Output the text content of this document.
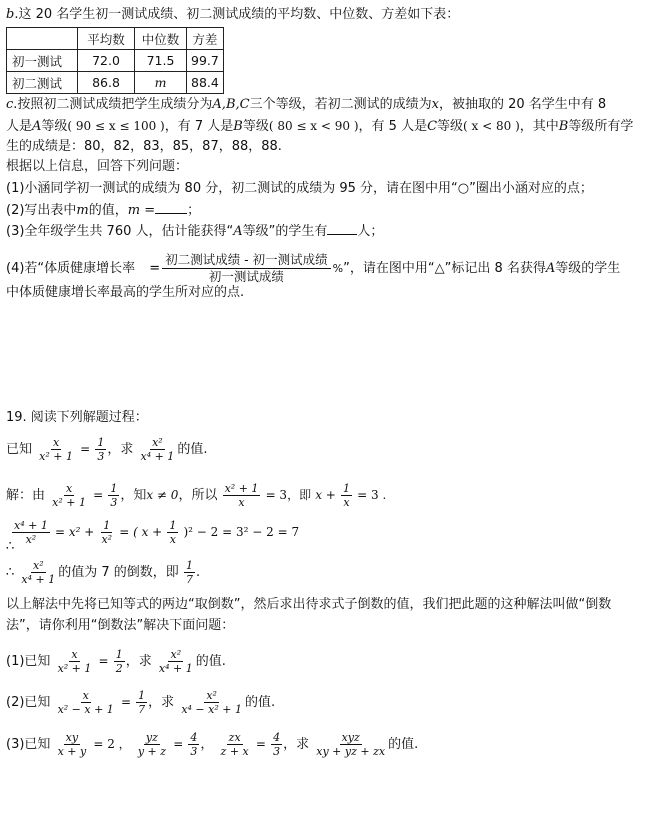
b.这 20 名学生初一测试成绩、初二测试成绩的平均数、中位数、方差如下表：
	平均数	中位数	方差
初一测试	72.0	71.5	99.7
初二测试	86.8	m	88.4
c.按照初二测试成绩把学生成绩分为A,B,C三个等级，若初二测试的成绩为x，被抽取的 20 名学生中有 8
人是A等级( 90 ≤ x ≤ 100 )，有 7 人是B等级( 80 ≤ x < 90 )，有 5 人是C等级( x < 80 )，其中B等级所有学
生的成绩是：80，82，83，85，87，88，88.
根据以上信息，回答下列问题：
(1)小涵同学初一测试的成绩为 80 分，初二测试的成绩为 95 分，请在图中用“○”圈出小涵对应的点；
(2)写出表中m的值，m = ；
(3)全年级学生共 760 人，估计能获得“A等级”的学生有 人；
(4)若“体质健康增长率 =
初二测试成绩 - 初一测试成绩
初一测试成绩
% ”，请在图中用“△”标记出 8 名获得A等级的学生
中体质健康增长率最高的学生所对应的点.
19. 阅读下列解题过程：
已知 $\frac{x}{\text{x² + 1}} = \frac{1}{3}$ ，求 $\frac{\text{x²}}{\text{x⁴ + 1}}$ 的值.
解：由 $\frac{x}{\text{x² + 1}} = \frac{1}{3}$ ，知x ≠ 0，所以 $\frac{\text{x² + 1}}{x} = 3$，即 $x + \frac{1}{x} = 3$ .
$\frac{\text{x⁴ + 1}}{\text{x²}} = x^2 + \frac{1}{\text{x²}}$ = ( $x + \frac{1}{x} )^2 - 2 = 3^2 - 2 = 7$
∴
∴ $\frac{\text{x²}}{\text{x⁴ + 1}}$ 的值为 7 的倒数，即 $\frac{1}{7}$ .
以上解法中先将已知等式的两边“取倒数”，然后求出待求式子倒数的值，我们把此题的这种解法叫做“倒数
法”，请你利用“倒数法”解决下面问题：
(1)已知 $\frac{x}{\text{x² + 1}} = \frac{1}{2}$ ，求 $\frac{\text{x²}}{\text{x⁴ + 1}}$ 的值.
(2)已知 $\frac{x}{\text{x² − x + 1}} = \frac{1}{7}$ ，求 $\frac{\text{x²}}{\text{x⁴ − x² + 1}}$ 的值.
(3)已知 $\frac{xy}{x + y} = 2$ ， $\frac{yz}{y + z} = \frac{4}{3}$ ， $\frac{zx}{z + x} = \frac{4}{3}$ ，求 $\frac{\text{xyz}}{xy + yz + zx}$ 的值.
